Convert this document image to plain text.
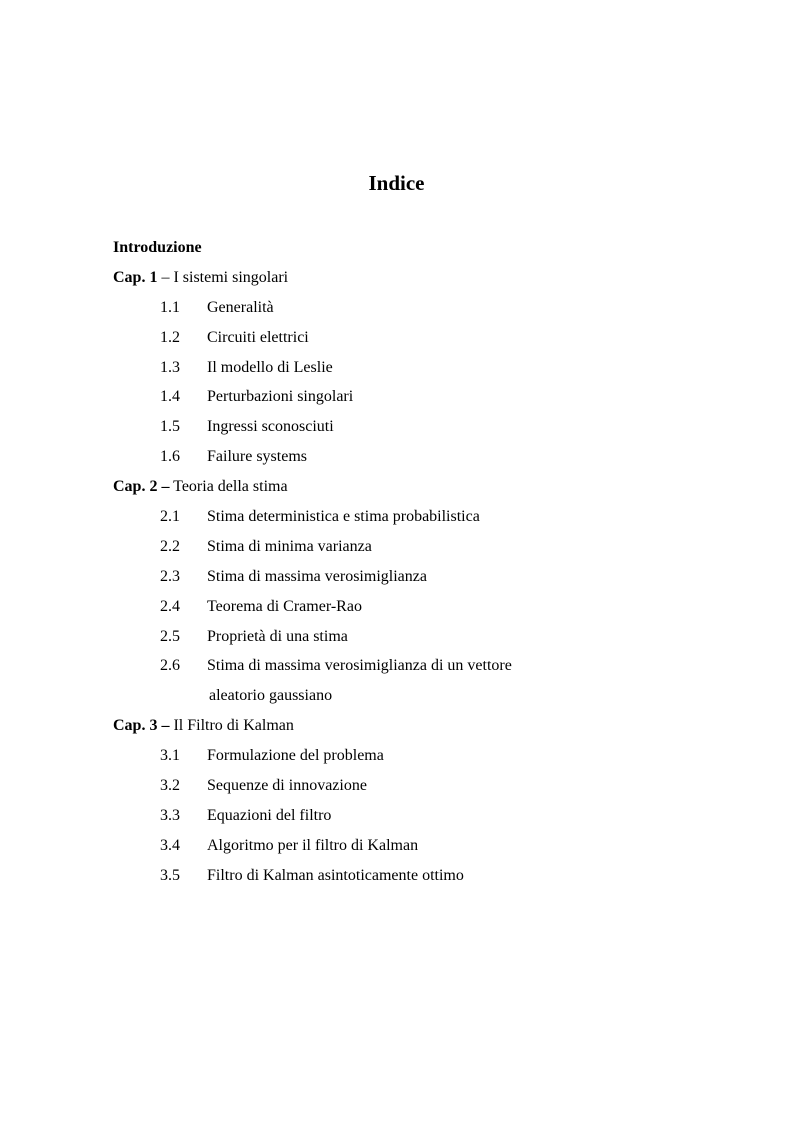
Indice
Introduzione
Cap. 1 – I sistemi singolari
1.1 Generalità
1.2 Circuiti elettrici
1.3 Il modello di Leslie
1.4 Perturbazioni singolari
1.5 Ingressi sconosciuti
1.6 Failure systems
Cap. 2 – Teoria della stima
2.1 Stima deterministica e stima probabilistica
2.2 Stima di minima varianza
2.3 Stima di massima verosimiglianza
2.4 Teorema di Cramer-Rao
2.5 Proprietà di una stima
2.6 Stima di massima verosimiglianza di un vettore
aleatorio gaussiano
Cap. 3 – Il Filtro di Kalman
3.1 Formulazione del problema
3.2 Sequenze di innovazione
3.3 Equazioni del filtro
3.4 Algoritmo per il filtro di Kalman
3.5 Filtro di Kalman asintoticamente ottimo
